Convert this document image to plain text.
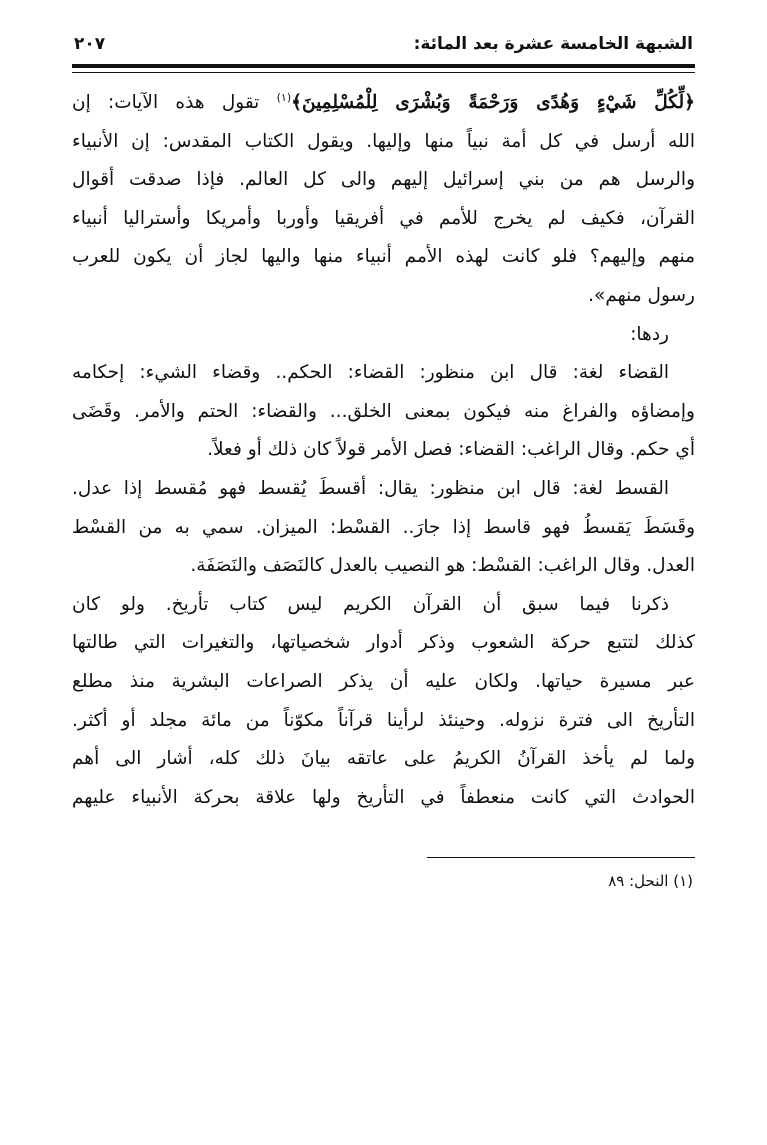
الشبهة الخامسة عشرة بعد المائة:
٢٠٧
﴿لِّكُلِّ شَيْءٍ وَهُدًى وَرَحْمَةً وَبُشْرَى لِلْمُسْلِمِينَ﴾$^{(١)}$ تقول هذه الآيات: إن
الله أرسل في كل أمة نبياً منها وإليها. ويقول الكتاب المقدس: إن الأنبياء
والرسل هم من بني إسرائيل إليهم والى كل العالم. فإذا صدقت أقوال
القرآن، فكيف لم يخرج للأمم في أفريقيا وأوربا وأمريكا وأستراليا أنبياء
منهم وإليهم؟ فلو كانت لهذه الأمم أنبياء منها واليها لجاز أن يكون للعرب
رسول منهم».
ردها:
القضاء لغة: قال ابن منظور: القضاء: الحكم.. وقضاء الشيء: إحكامه
وإمضاؤه والفراغ منه فيكون بمعنى الخلق... والقضاء: الحتم والأمر. وقَضَى
أي حكم. وقال الراغب: القضاء: فصل الأمر قولاً كان ذلك أو فعلاً.
القسط لغة: قال ابن منظور: يقال: أقسطَ يُقسط فهو مُقسط إذا عدل.
وقَسَطَ يَقسطُ فهو قاسط إذا جارَ.. القسْط: الميزان. سمي به من القسْط
العدل. وقال الراغب: القسْط: هو النصيب بالعدل كالنَصَف والنَصَفَة.
ذكرنا فيما سبق أن القرآن الكريم ليس كتاب تأريخ. ولو كان
كذلك لتتبع حركة الشعوب وذكر أدوار شخصياتها، والتغيرات التي طالتها
عبر مسيرة حياتها. ولكان عليه أن يذكر الصراعات البشرية منذ مطلع
التأريخ الى فترة نزوله. وحينئذ لرأينا قرآناً مكوّناً من مائة مجلد أو أكثر.
ولما لم يأخذ القرآنُ الكريمُ على عاتقه بيانَ ذلك كله، أشار الى أهم
الحوادث التي كانت منعطفاً في التأريخ ولها علاقة بحركة الأنبياء عليهم
(١) النحل: ٨٩
